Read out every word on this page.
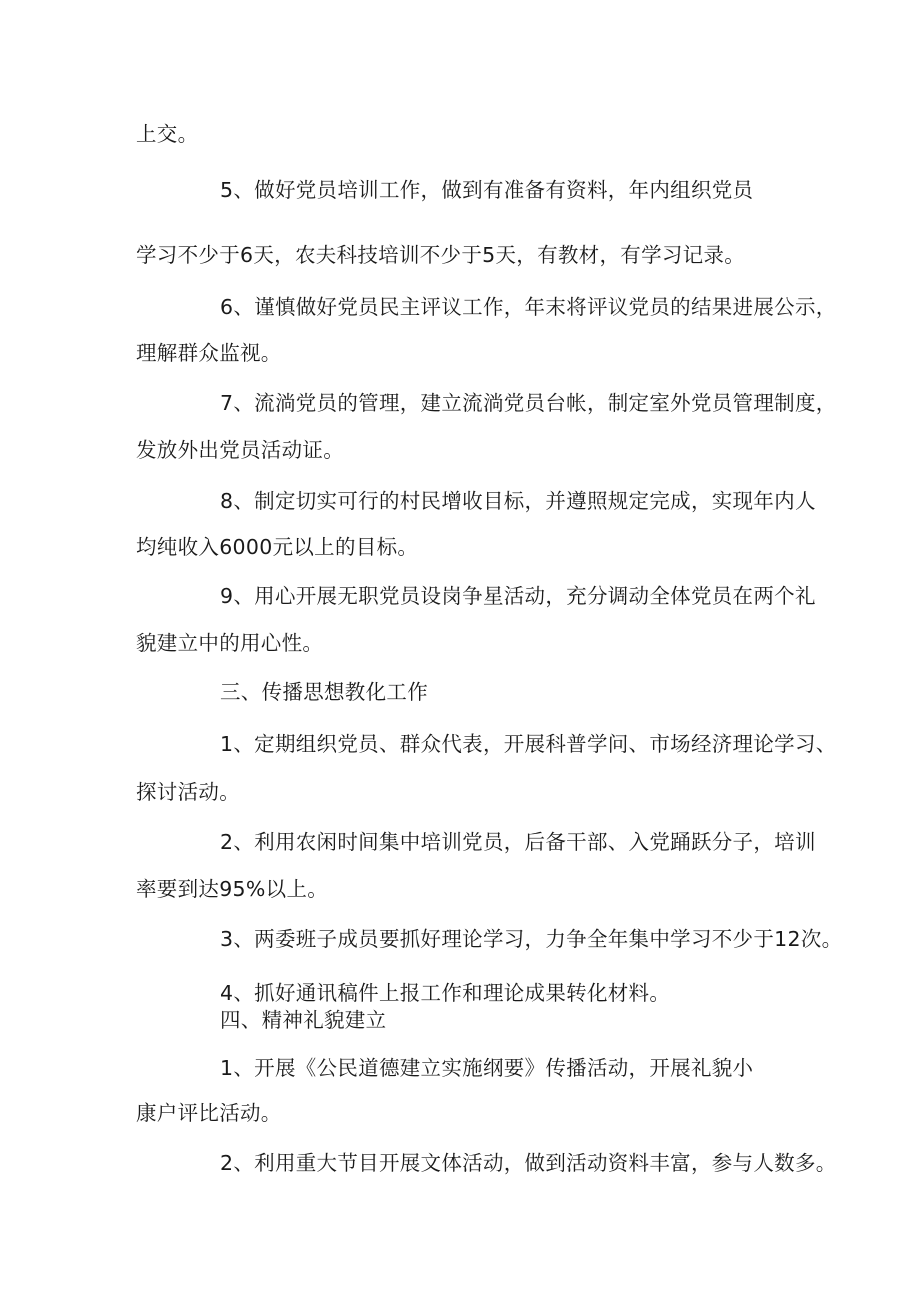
上交。
5、做好党员培训工作，做到有准备有资料，年内组织党员
学习不少于6天，农夫科技培训不少于5天，有教材，有学习记录。
6、谨慎做好党员民主评议工作，年末将评议党员的结果进展公示，
理解群众监视。
7、流淌党员的管理，建立流淌党员台帐，制定室外党员管理制度，
发放外出党员活动证。
8、制定切实可行的村民增收目标，并遵照规定完成，实现年内人
均纯收入6000元以上的目标。
9、用心开展无职党员设岗争星活动，充分调动全体党员在两个礼
貌建立中的用心性。
三、传播思想教化工作
1、定期组织党员、群众代表，开展科普学问、市场经济理论学习、
探讨活动。
2、利用农闲时间集中培训党员，后备干部、入党踊跃分子，培训
率要到达95%以上。
3、两委班子成员要抓好理论学习，力争全年集中学习不少于12次。
4、抓好通讯稿件上报工作和理论成果转化材料。
四、精神礼貌建立
1、开展《公民道德建立实施纲要》传播活动，开展礼貌小
康户评比活动。
2、利用重大节目开展文体活动，做到活动资料丰富，参与人数多。
